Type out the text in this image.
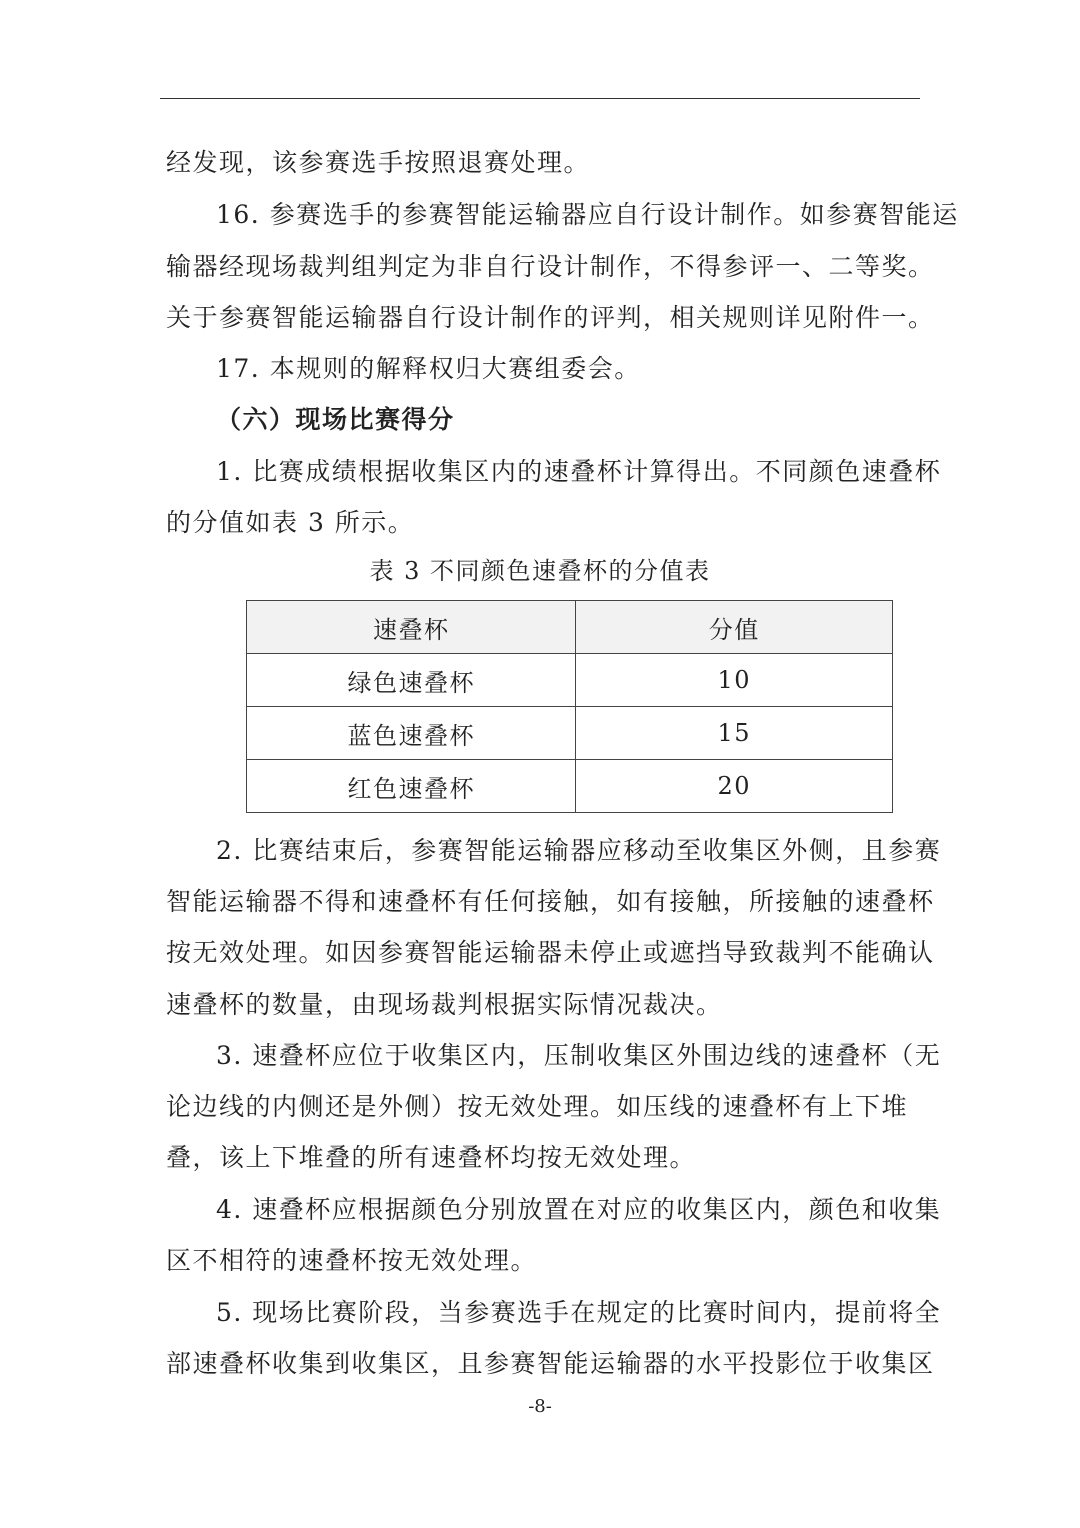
经发现，该参赛选手按照退赛处理。
16. 参赛选手的参赛智能运输器应自行设计制作。如参赛智能运
输器经现场裁判组判定为非自行设计制作，不得参评一、二等奖。
关于参赛智能运输器自行设计制作的评判，相关规则详见附件一。
17. 本规则的解释权归大赛组委会。
（六）现场比赛得分
1. 比赛成绩根据收集区内的速叠杯计算得出。不同颜色速叠杯
的分值如表 3 所示。
表 3 不同颜色速叠杯的分值表
速叠杯	分值
绿色速叠杯	10
蓝色速叠杯	15
红色速叠杯	20
2. 比赛结束后，参赛智能运输器应移动至收集区外侧，且参赛
智能运输器不得和速叠杯有任何接触，如有接触，所接触的速叠杯
按无效处理。如因参赛智能运输器未停止或遮挡导致裁判不能确认
速叠杯的数量，由现场裁判根据实际情况裁决。
3. 速叠杯应位于收集区内，压制收集区外围边线的速叠杯（无
论边线的内侧还是外侧）按无效处理。如压线的速叠杯有上下堆
叠，该上下堆叠的所有速叠杯均按无效处理。
4. 速叠杯应根据颜色分别放置在对应的收集区内，颜色和收集
区不相符的速叠杯按无效处理。
5. 现场比赛阶段，当参赛选手在规定的比赛时间内，提前将全
部速叠杯收集到收集区，且参赛智能运输器的水平投影位于收集区
-8-
